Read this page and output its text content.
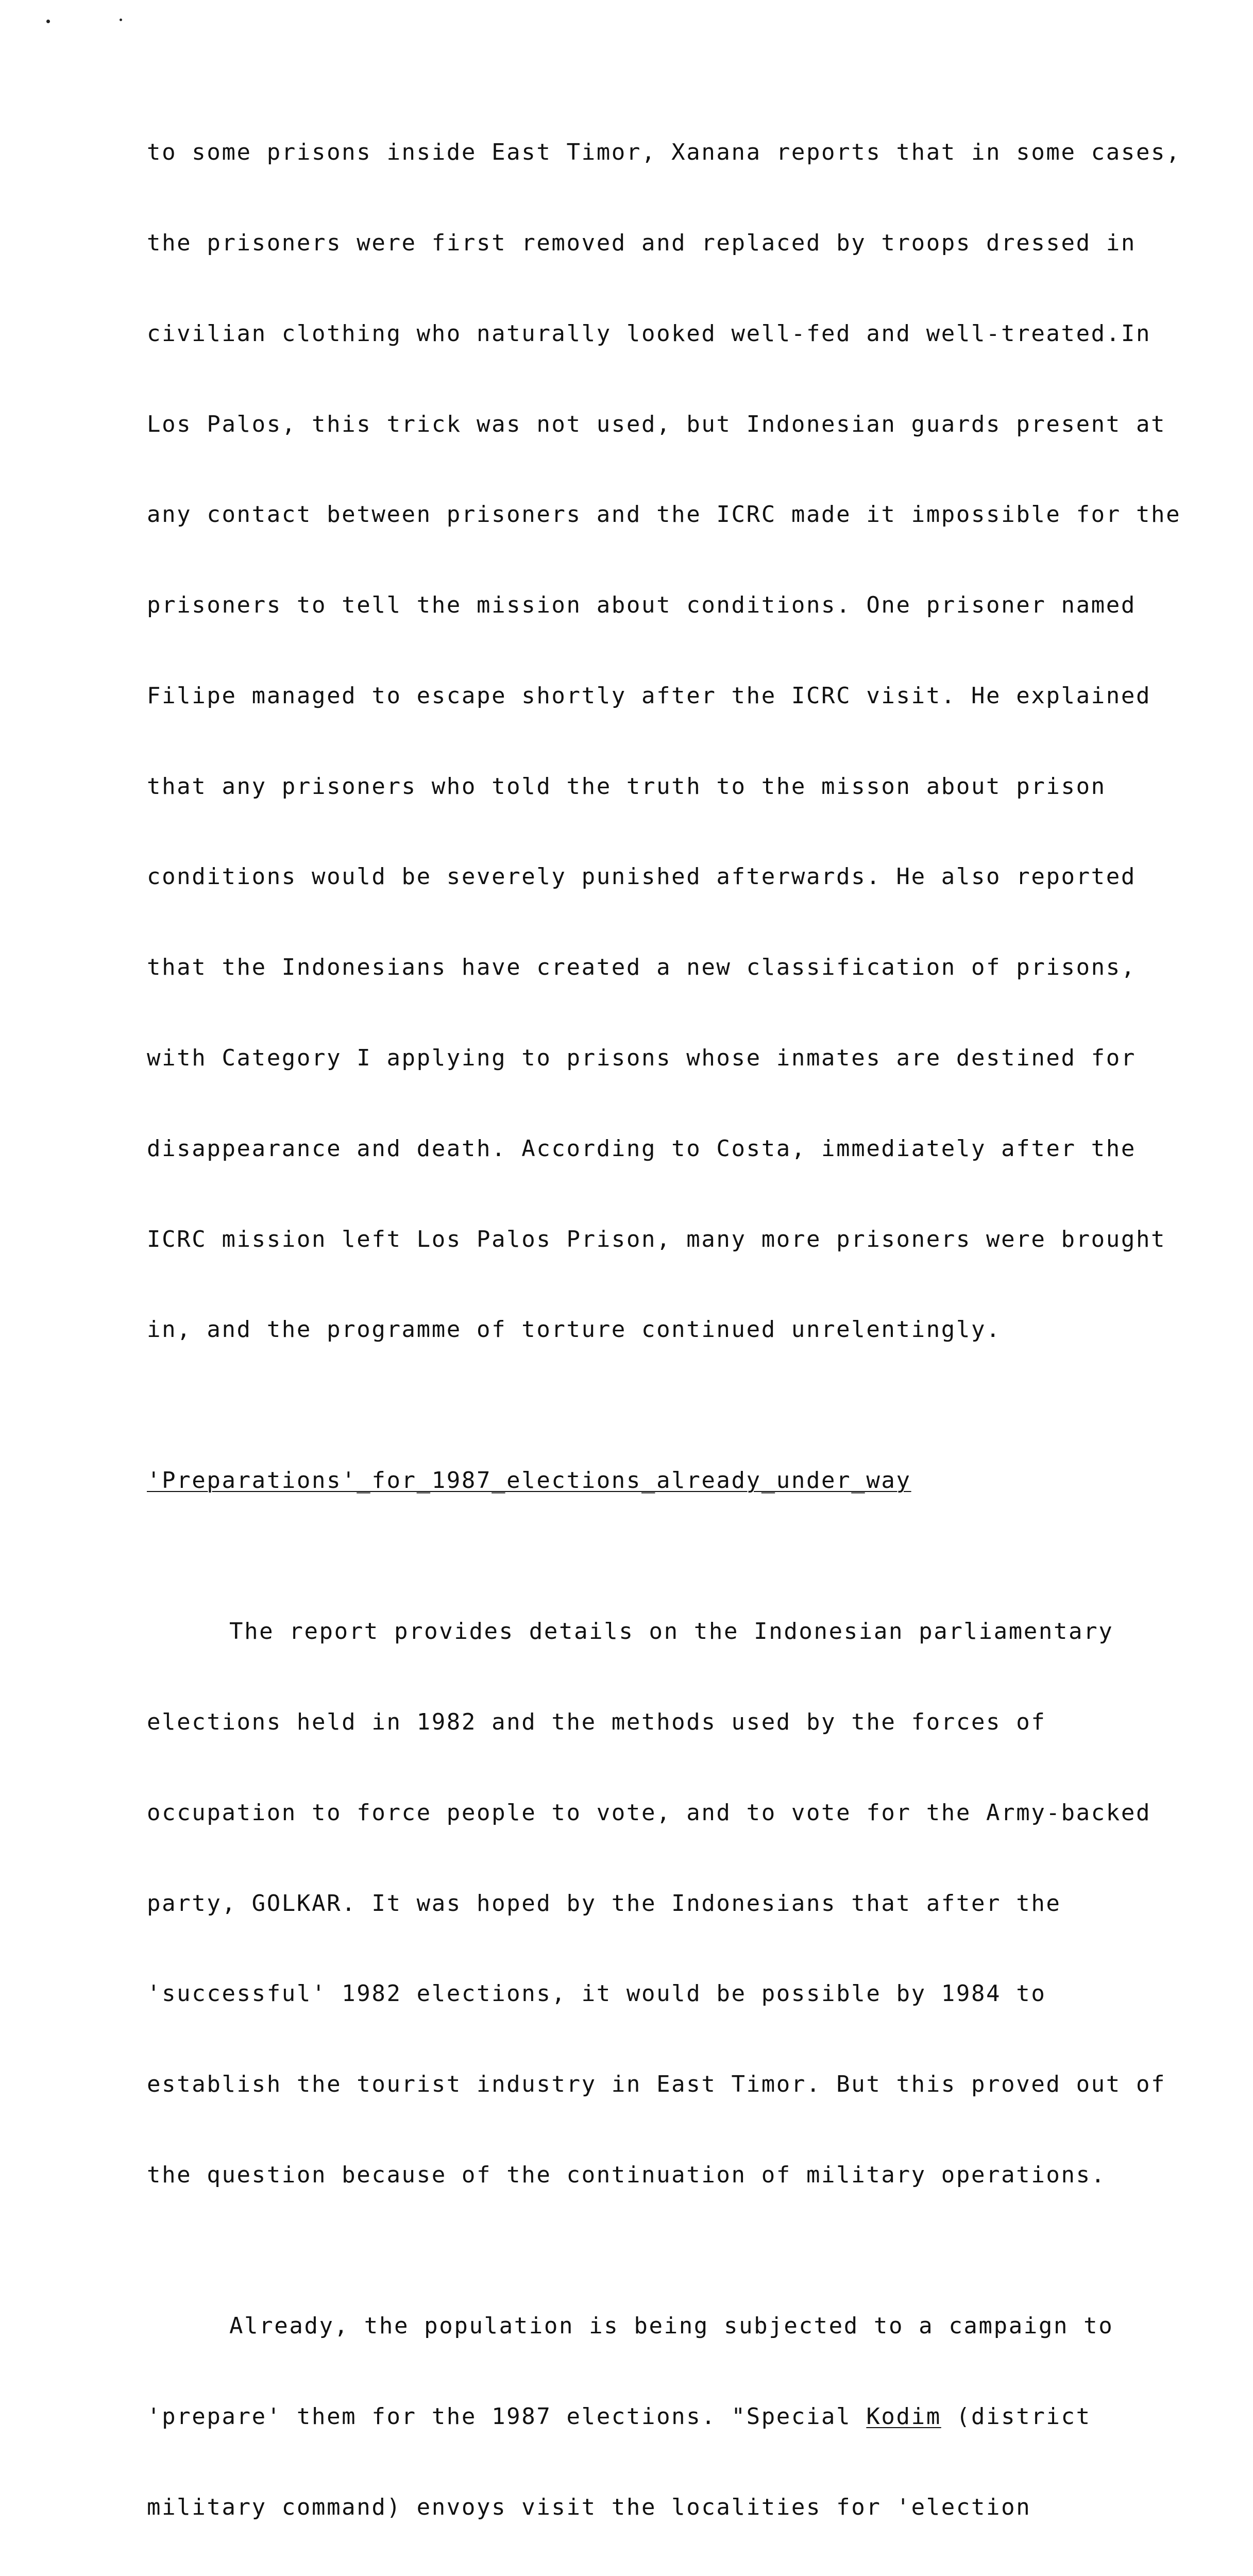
to some prisons inside East Timor, Xanana reports that in some cases,

the prisoners were first removed and replaced by troops dressed in

civilian clothing who naturally looked well-fed and well-treated.In

Los Palos, this trick was not used, but Indonesian guards present at

any contact between prisoners and the ICRC made it impossible for the

prisoners to tell the mission about conditions. One prisoner named

Filipe managed to escape shortly after the ICRC visit. He explained

that any prisoners who told the truth to the misson about prison

conditions would be severely punished afterwards. He also reported

that the Indonesians have created a new classification of prisons,

with Category I applying to prisons whose inmates are destined for

disappearance and death. According to Costa, immediately after the

ICRC mission left Los Palos Prison, many more prisoners were brought

in, and the programme of torture continued unrelentingly.

'Preparations'_for_1987_elections_already_under_way

The report provides details on the Indonesian parliamentary

elections held in 1982 and the methods used by the forces of

occupation to force people to vote, and to vote for the Army-backed

party, GOLKAR. It was hoped by the Indonesians that after the

'successful' 1982 elections, it would be possible by 1984 to

establish the tourist industry in East Timor. But this proved out of

the question because of the continuation of military operations.

Already, the population is being subjected to a campaign to

'prepare' them for the 1987 elections. "Special Kodim (district

military command) envoys visit the localities for 'election
